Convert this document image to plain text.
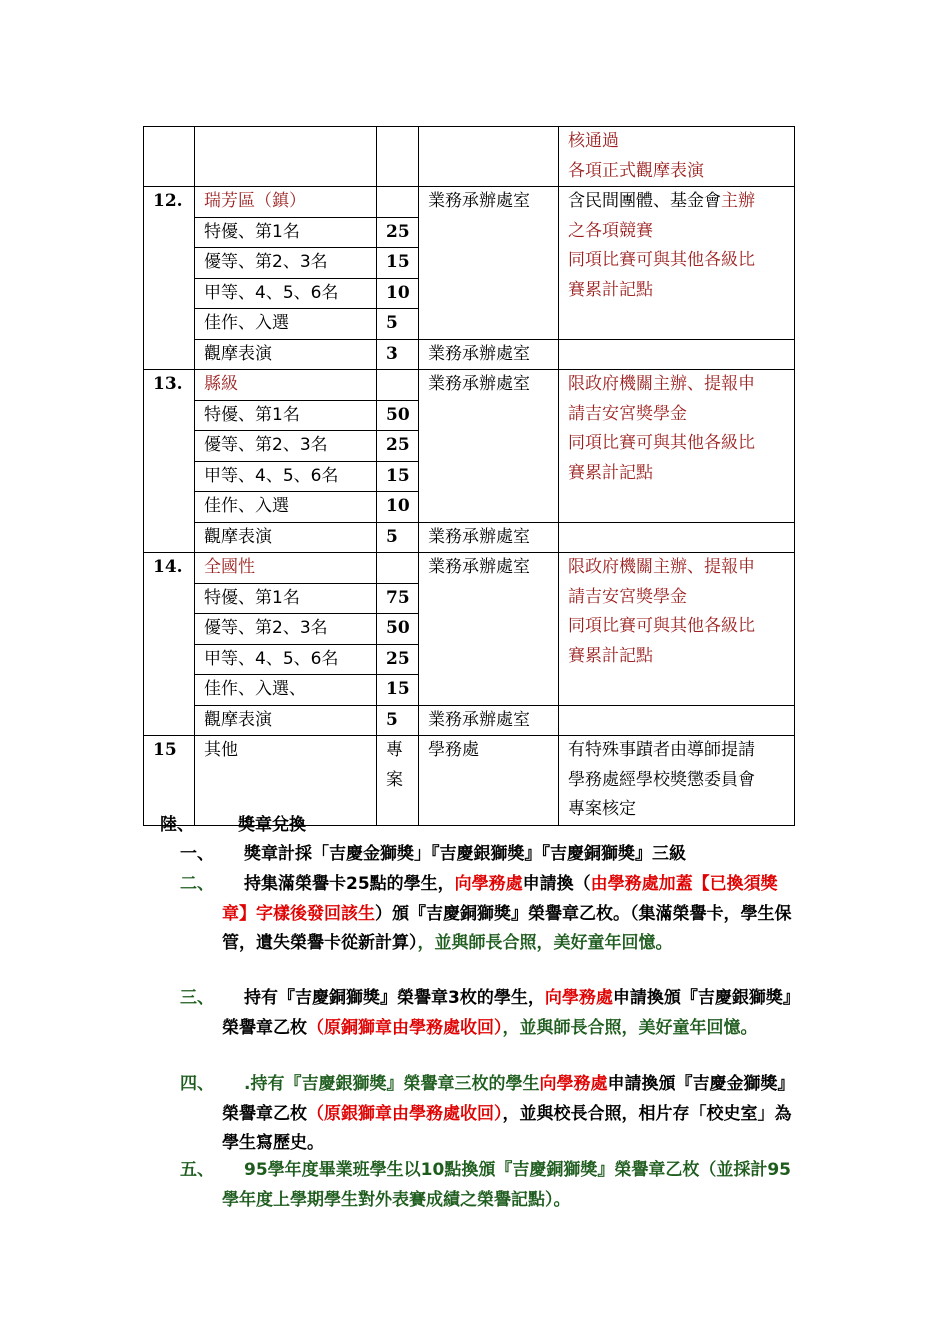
				核通過
各項正式觀摩表演
12.	瑞芳區（鎮）		業務承辦處室	含民間團體、基金會主辦
之各項競賽
同項比賽可與其他各級比
賽累計記點
	特優、第1名	25		
	優等、第2、3名	15		
	甲等、4、5、6名	10		
	佳作、入選	5		
	觀摩表演	3	業務承辦處室	
13.	縣級		業務承辦處室	限政府機關主辦、提報申
請吉安宮獎學金
同項比賽可與其他各級比
賽累計記點
	特優、第1名	50		
	優等、第2、3名	25		
	甲等、4、5、6名	15		
	佳作、入選	10		
	觀摩表演	5	業務承辦處室	
14.	全國性		業務承辦處室	限政府機關主辦、提報申
請吉安宮獎學金
同項比賽可與其他各級比
賽累計記點
	特優、第1名	75		
	優等、第2、3名	50		
	甲等、4、5、6名	25		
	佳作、入選、	15		
	觀摩表演	5	業務承辦處室	
15	其他	專
案	學務處	有特殊事蹟者由導師提請
學務處經學校獎懲委員會
專案核定
陸、	獎章兌換
一、 獎章計採「吉慶金獅獎」『吉慶銀獅獎』『吉慶銅獅獎』三級
二、	持集滿榮譽卡25點的學生，向學務處申請換（由學務處加蓋【已換須獎章】字樣後發回該生）頒『吉慶銅獅獎』榮譽章乙枚。（集滿榮譽卡，學生保管，遺失榮譽卡從新計算），並與師長合照，美好童年回憶。
三、	持有『吉慶銅獅獎』榮譽章3枚的學生，向學務處申請換頒『吉慶銀獅獎』榮譽章乙枚（原銅獅章由學務處收回），並與師長合照，美好童年回憶。
四、	.持有『吉慶銀獅獎』榮譽章三枚的學生向學務處申請換頒『吉慶金獅獎』榮譽章乙枚（原銀獅章由學務處收回），並與校長合照，相片存「校史室」為學生寫歷史。
五、	95學年度畢業班學生以10點換頒『吉慶銅獅獎』榮譽章乙枚（並採計95學年度上學期學生對外表賽成績之榮譽記點）。
